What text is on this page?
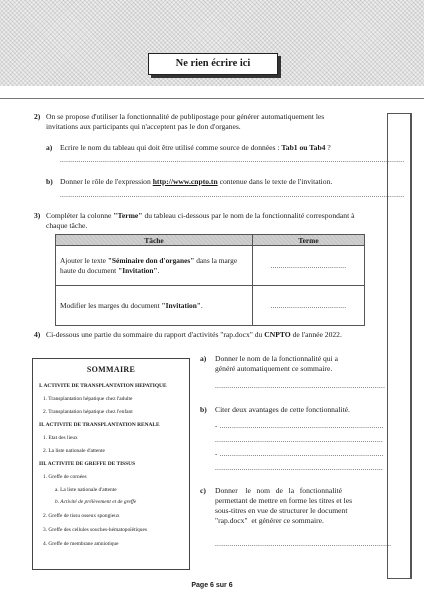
Ne rien écrire ici
2) On se propose d'utiliser la fonctionnalité de publipostage pour générer automatiquement les
invitations aux participants qui n'acceptent pas le don d'organes.
a) Ecrire le nom du tableau qui doit être utilisé comme source de données : Tab1 ou Tab4 ?
........................................................................................................................................................................
b) Donner le rôle de l'expression http://www.cnpto.tn contenue dans le texte de l'invitation.
........................................................................................................................................................................
3) Compléter la colonne "Terme" du tableau ci-dessous par le nom de la fonctionnalité correspondant à
chaque tâche.
Tâche	Terme
Ajouter le texte "Séminaire don d'organes" dans la marge haute du document "Invitation".	.....................................
Modifier les marges du document "Invitation".	.....................................
4) Ci-dessous une partie du sommaire du rapport d'activités "rap.docx" du CNPTO de l'année 2022.
SOMMAIRE
I. ACTIVITE DE TRANSPLANTATION HEPATIQUE
1. Transplantation hépatique chez l'adulte
2. Transplantation hépatique chez l'enfant
II. ACTIVITE DE TRANSPLANTATION RENALE
1. Etat des lieux
2. La liste nationale d'attente
III. ACTIVITE DE GREFFE DE TISSUS
1. Greffe de cornées
a. La liste nationale d'attente
b. Activité de prélèvement et de greffe
2. Greffe de tissu osseux spongieux
3. Greffe des cellules souches-hématopoïétiques
4. Greffe de membrane amniotique
a) Donner le nom de la fonctionnalité qui a
généré automatiquement ce sommaire.
...................................................................................
b) Citer deux avantages de cette fonctionnalité.
- ................................................................................
..................................................................................
- ................................................................................
..................................................................................
c) Donner    le   nom   de   la   fonctionnalité
permettant de mettre en forme les titres et les
sous-titres en vue de structurer le document
"rap.docx"  et générer ce sommaire.
......................................................................................
Page 6 sur 6
